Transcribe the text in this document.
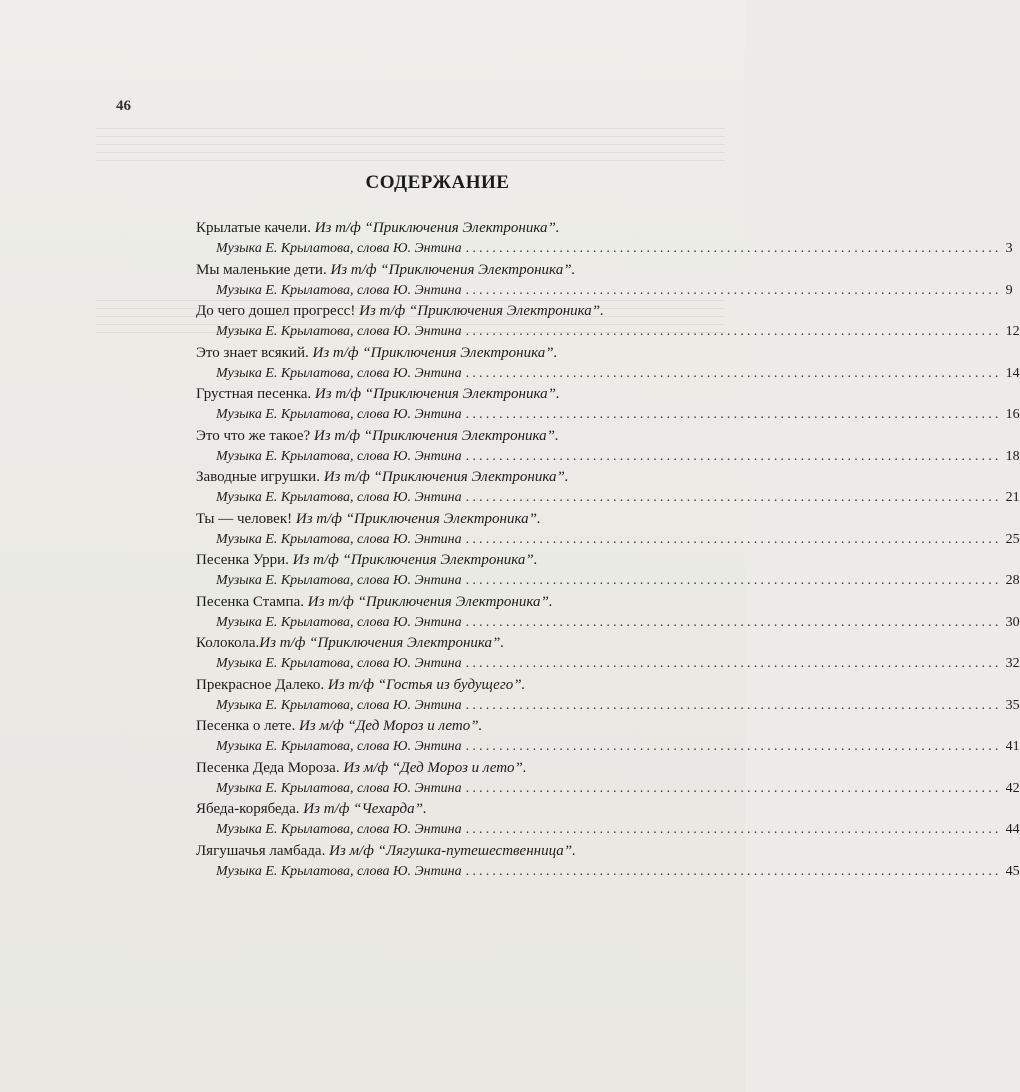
46
СОДЕРЖАНИЕ
Крылатые качели. Из т/ф “Приключения Электроника”.
Музыка Е. Крылатова, слова Ю. Энтина ................................................................................ 3
Мы маленькие дети. Из т/ф “Приключения Электроника”.
Музыка Е. Крылатова, слова Ю. Энтина ................................................................................ 9
До чего дошел прогресс! Из т/ф “Приключения Электроника”.
Музыка Е. Крылатова, слова Ю. Энтина ................................................................................ 12
Это знает всякий. Из т/ф “Приключения Электроника”.
Музыка Е. Крылатова, слова Ю. Энтина ................................................................................ 14
Грустная песенка. Из т/ф “Приключения Электроника”.
Музыка Е. Крылатова, слова Ю. Энтина ................................................................................ 16
Это что же такое? Из т/ф “Приключения Электроника”.
Музыка Е. Крылатова, слова Ю. Энтина ................................................................................ 18
Заводные игрушки. Из т/ф “Приключения Электроника”.
Музыка Е. Крылатова, слова Ю. Энтина ................................................................................ 21
Ты — человек! Из т/ф “Приключения Электроника”.
Музыка Е. Крылатова, слова Ю. Энтина ................................................................................ 25
Песенка Урри. Из т/ф “Приключения Электроника”.
Музыка Е. Крылатова, слова Ю. Энтина ................................................................................ 28
Песенка Стампа. Из т/ф “Приключения Электроника”.
Музыка Е. Крылатова, слова Ю. Энтина ................................................................................ 30
Колокола.Из т/ф “Приключения Электроника”.
Музыка Е. Крылатова, слова Ю. Энтина ................................................................................ 32
Прекрасное Далеко. Из т/ф “Гостья из будущего”.
Музыка Е. Крылатова, слова Ю. Энтина ................................................................................ 35
Песенка о лете. Из м/ф “Дед Мороз и лето”.
Музыка Е. Крылатова, слова Ю. Энтина ................................................................................ 41
Песенка Деда Мороза. Из м/ф “Дед Мороз и лето”.
Музыка Е. Крылатова, слова Ю. Энтина ................................................................................ 42
Ябеда-корябеда. Из т/ф “Чехарда”.
Музыка Е. Крылатова, слова Ю. Энтина ................................................................................ 44
Лягушачья ламбада. Из м/ф “Лягушка-путешественница”.
Музыка Е. Крылатова, слова Ю. Энтина ................................................................................ 45
